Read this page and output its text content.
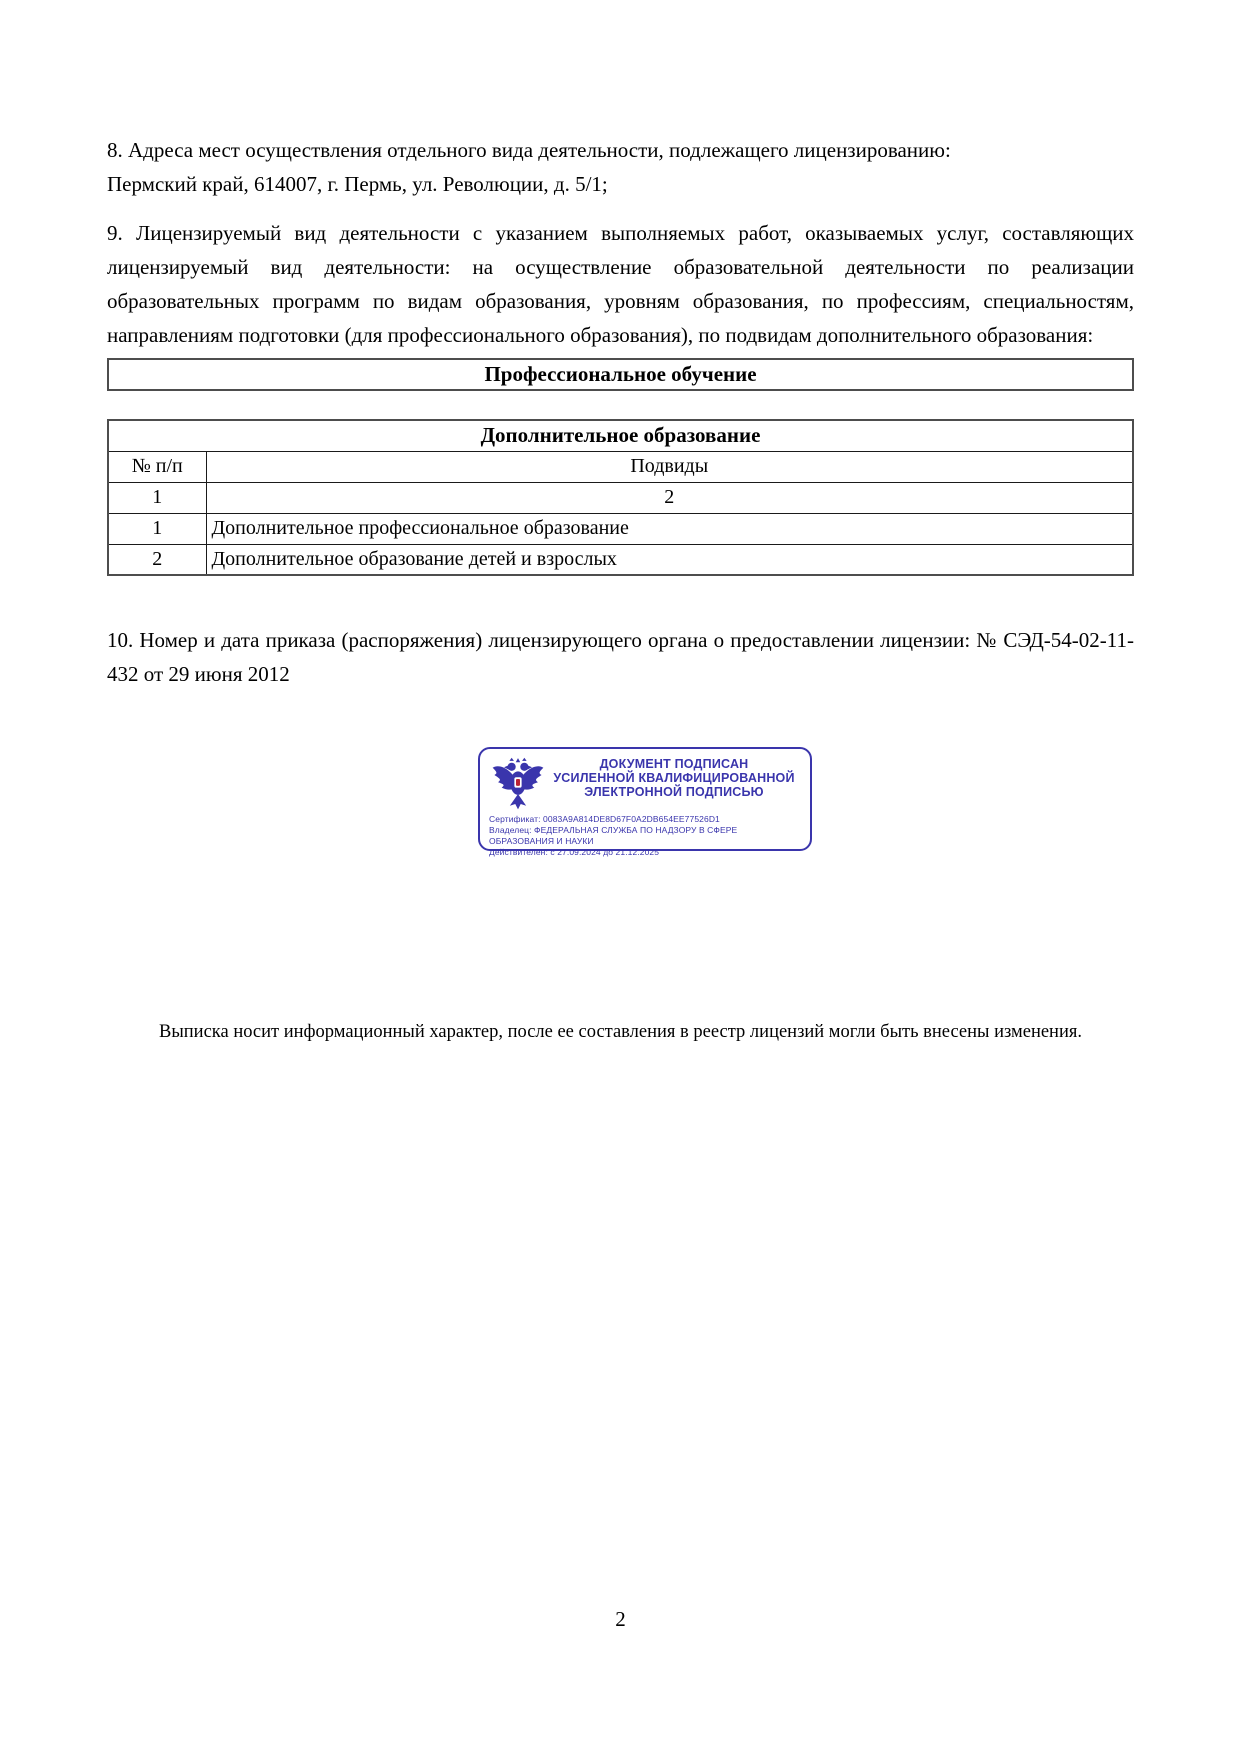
8. Адреса мест осуществления отдельного вида деятельности, подлежащего лицензированию:
Пермский край, 614007, г. Пермь, ул. Революции, д. 5/1;

9. Лицензируемый вид деятельности с указанием выполняемых работ, оказываемых услуг, составляющих лицензируемый вид деятельности: на осуществление образовательной деятельности по реализации образовательных программ по видам образования, уровням образования, по профессиям, специальностям, направлениям подготовки (для профессионального образования), по подвидам дополнительного образования:

Профессиональное обучение
Дополнительное образование	
№ п/п	Подвиды
1	2
1	Дополнительное профессиональное образование
2	Дополнительное образование детей и взрослых

10. Номер и дата приказа (распоряжения) лицензирующего органа о предоставлении лицензии: № СЭД-54-02-11-432 от 29 июня 2012

ДОКУМЕНТ ПОДПИСАН
УСИЛЕННОЙ КВАЛИФИЦИРОВАННОЙ
ЭЛЕКТРОННОЙ ПОДПИСЬЮ
Сертификат: 0083A9A814DE8D67F0A2DB654EE77526D1
Владелец: ФЕДЕРАЛЬНАЯ СЛУЖБА ПО НАДЗОРУ В СФЕРЕ ОБРАЗОВАНИЯ И НАУКИ
Действителен: с 27.09.2024 до 21.12.2025

Выписка носит информационный характер, после ее составления в реестр лицензий могли быть внесены изменения.

2
